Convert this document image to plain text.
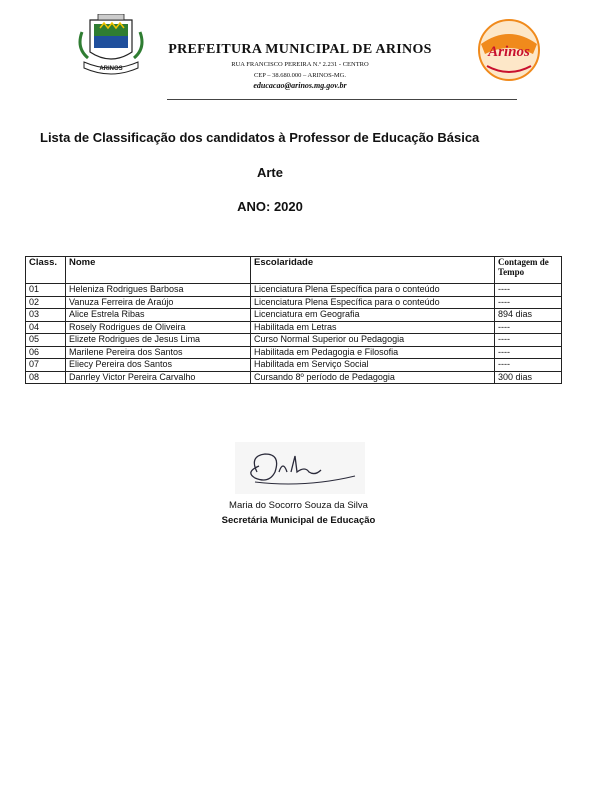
ARINOS
PREFEITURA MUNICIPAL DE ARINOS
RUA FRANCISCO PEREIRA N.º 2.231 - CENTRO
CEP – 38.680.000 – ARINOS-MG.
educacao@arinos.mg.gov.br
Arinos
Lista de Classificação dos candidatos à Professor de Educação Básica
Arte
ANO: 2020
Class.	Nome	Escolaridade	Contagem de Tempo
01	Heleniza Rodrigues Barbosa	Licenciatura Plena Específica para o conteúdo	----
02	Vanuza Ferreira de Araújo	Licenciatura Plena Específica para o conteúdo	----
03	Alice Estrela Ribas	Licenciatura em Geografia	894 dias
04	Rosely Rodrigues de Oliveira	Habilitada em Letras	----
05	Elizete Rodrigues de Jesus Lima	Curso Normal Superior ou Pedagogia	----
06	Marilene Pereira dos Santos	Habilitada em Pedagogia e Filosofia	----
07	Eliecy Pereira dos Santos	Habilitada em Serviço Social	----
08	Danrley Victor Pereira Carvalho	Cursando 8º período de Pedagogia	300 dias
Maria do Socorro Souza da Silva
Secretária Municipal de Educação
